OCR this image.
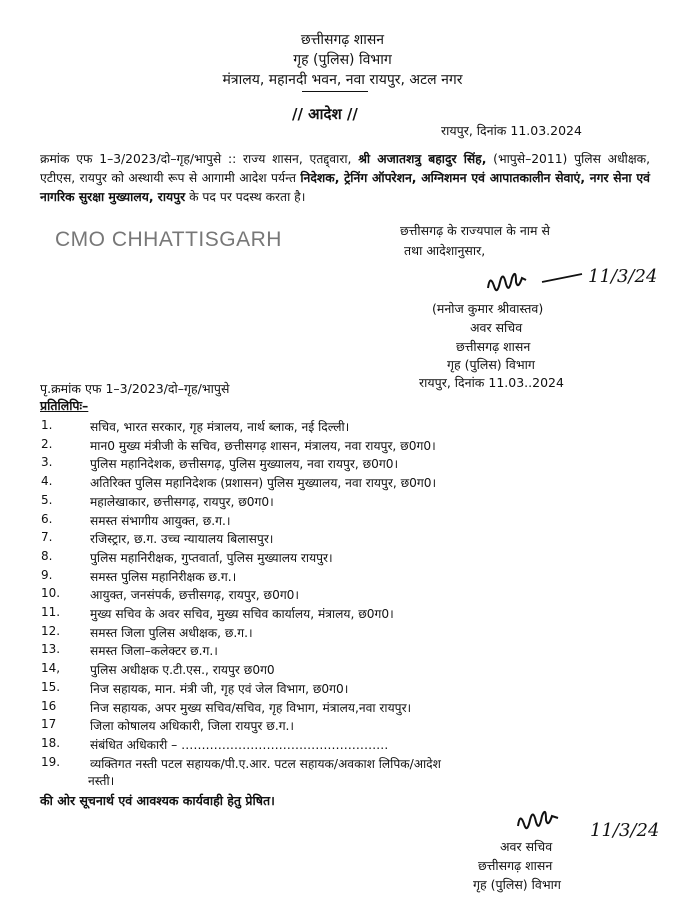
छत्तीसगढ़ शासन
गृह (पुलिस) विभाग
मंत्रालय, महानदी भवन, नवा रायपुर, अटल नगर
// आदेश //
रायपुर, दिनांक 11.03.2024
क्रमांक एफ 1–3/2023/दो–गृह/भापुसे :: राज्य शासन, एतद्द्वारा, श्री अजातशत्रु बहादुर सिंह, (भापुसे–2011) पुलिस अधीक्षक, एटीएस, रायपुर को अस्थायी रूप से आगामी आदेश पर्यन्त निदेशक, ट्रेनिंग ऑपरेशन, अग्निशमन एवं आपातकालीन सेवाएं, नगर सेना एवं नागरिक सुरक्षा मुख्यालय, रायपुर के पद पर पदस्थ करता है।
CMO CHHATTISGARH	छत्तीसगढ़ के राज्यपाल के नाम से
तथा आदेशानुसार,
11/3/24
(मनोज कुमार श्रीवास्तव)
अवर सचिव
छत्तीसगढ़ शासन
गृह (पुलिस) विभाग
रायपुर, दिनांक 11.03..2024
पृ.क्रमांक एफ 1–3/2023/दो–गृह/भापुसे
प्रतिलिपिः–
1.	सचिव, भारत सरकार, गृह मंत्रालय, नार्थ ब्लाक, नई दिल्ली।
2.	मान0 मुख्य मंत्रीजी के सचिव, छत्तीसगढ़ शासन, मंत्रालय, नवा रायपुर, छ0ग0।
3.	पुलिस महानिदेशक, छत्तीसगढ़, पुलिस मुख्यालय, नवा रायपुर, छ0ग0।
4.	अतिरिक्त पुलिस महानिदेशक (प्रशासन) पुलिस मुख्यालय, नवा रायपुर, छ0ग0।
5.	महालेखाकार, छत्तीसगढ़, रायपुर, छ0ग0।
6.	समस्त संभागीय आयुक्त, छ.ग.।
7.	रजिस्ट्रार, छ.ग. उच्च न्यायालय बिलासपुर।
8.	पुलिस महानिरीक्षक, गुप्तवार्ता, पुलिस मुख्यालय रायपुर।
9.	समस्त पुलिस महानिरीक्षक छ.ग.।
10. आयुक्त, जनसंपर्क, छत्तीसगढ़, रायपुर, छ0ग0।
11. मुख्य सचिव के अवर सचिव, मुख्य सचिव कार्यालय, मंत्रालय, छ0ग0।
12. समस्त जिला पुलिस अधीक्षक, छ.ग.।
13. समस्त जिला–कलेक्टर छ.ग.।
14, पुलिस अधीक्षक ए.टी.एस., रायपुर छ0ग0
15. निज सहायक, मान. मंत्री जी, गृह एवं जेल विभाग, छ0ग0।
16	निज सहायक, अपर मुख्य सचिव/सचिव, गृह विभाग, मंत्रालय,नवा रायपुर।
17	जिला कोषालय अधिकारी, जिला रायपुर छ.ग.।
18. संबंधित अधिकारी – ……………………………………………
19. व्यक्तिगत नस्ती पटल सहायक/पी.ए.आर. पटल सहायक/अवकाश लिपिक/आदेश
नस्ती।
की ओर सूचनार्थ एवं आवश्यक कार्यवाही हेतु प्रेषित।
11/3/24
अवर सचिव
छत्तीसगढ़ शासन
गृह (पुलिस) विभाग
